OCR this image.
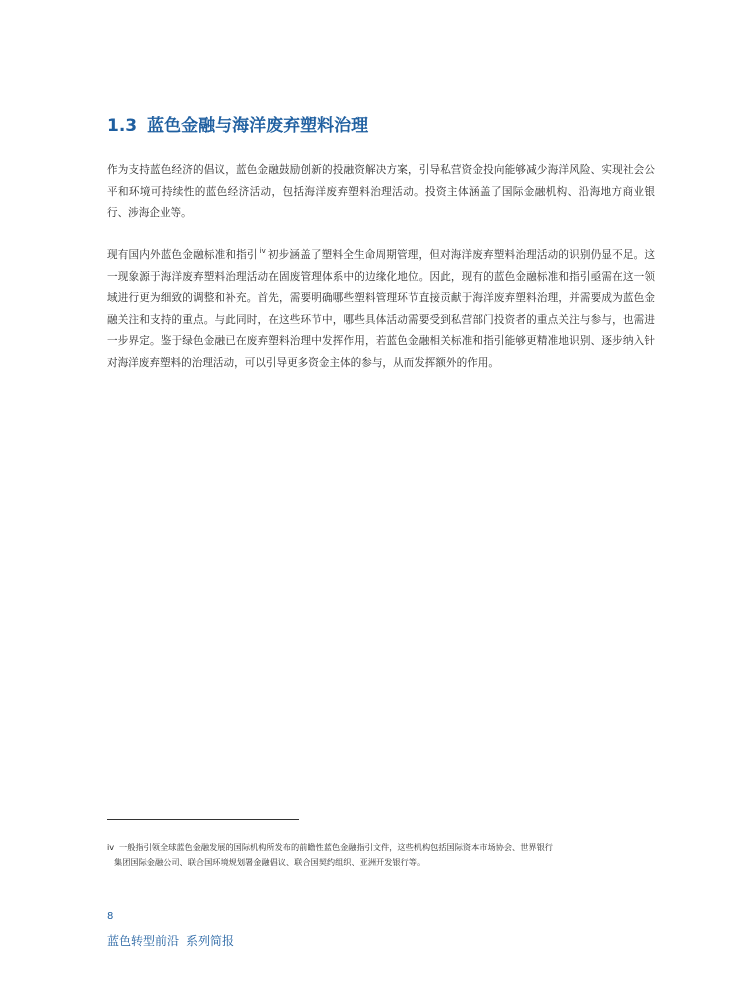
1.3 蓝色金融与海洋废弃塑料治理

作为支持蓝色经济的倡议，蓝色金融鼓励创新的投融资解决方案，引导私营资金投向能够减少海洋风险、实现社会公平和环境可持续性的蓝色经济活动，包括海洋废弃塑料治理活动。投资主体涵盖了国际金融机构、沿海地方商业银行、涉海企业等。

现有国内外蓝色金融标准和指引 $^{iv}$ 初步涵盖了塑料全生命周期管理，但对海洋废弃塑料治理活动的识别仍显不足。这一现象源于海洋废弃塑料治理活动在固废管理体系中的边缘化地位。因此，现有的蓝色金融标准和指引亟需在这一领域进行更为细致的调整和补充。首先，需要明确哪些塑料管理环节直接贡献于海洋废弃塑料治理，并需要成为蓝色金融关注和支持的重点。与此同时，在这些环节中，哪些具体活动需要受到私营部门投资者的重点关注与参与，也需进一步界定。鉴于绿色金融已在废弃塑料治理中发挥作用，若蓝色金融相关标准和指引能够更精准地识别、逐步纳入针对海洋废弃塑料的治理活动，可以引导更多资金主体的参与，从而发挥额外的作用。

iv 一般指引领全球蓝色金融发展的国际机构所发布的前瞻性蓝色金融指引文件，这些机构包括国际资本市场协会、世界银行
集团国际金融公司、联合国环境规划署金融倡议、联合国契约组织、亚洲开发银行等。
8
蓝色转型前沿 系列简报
